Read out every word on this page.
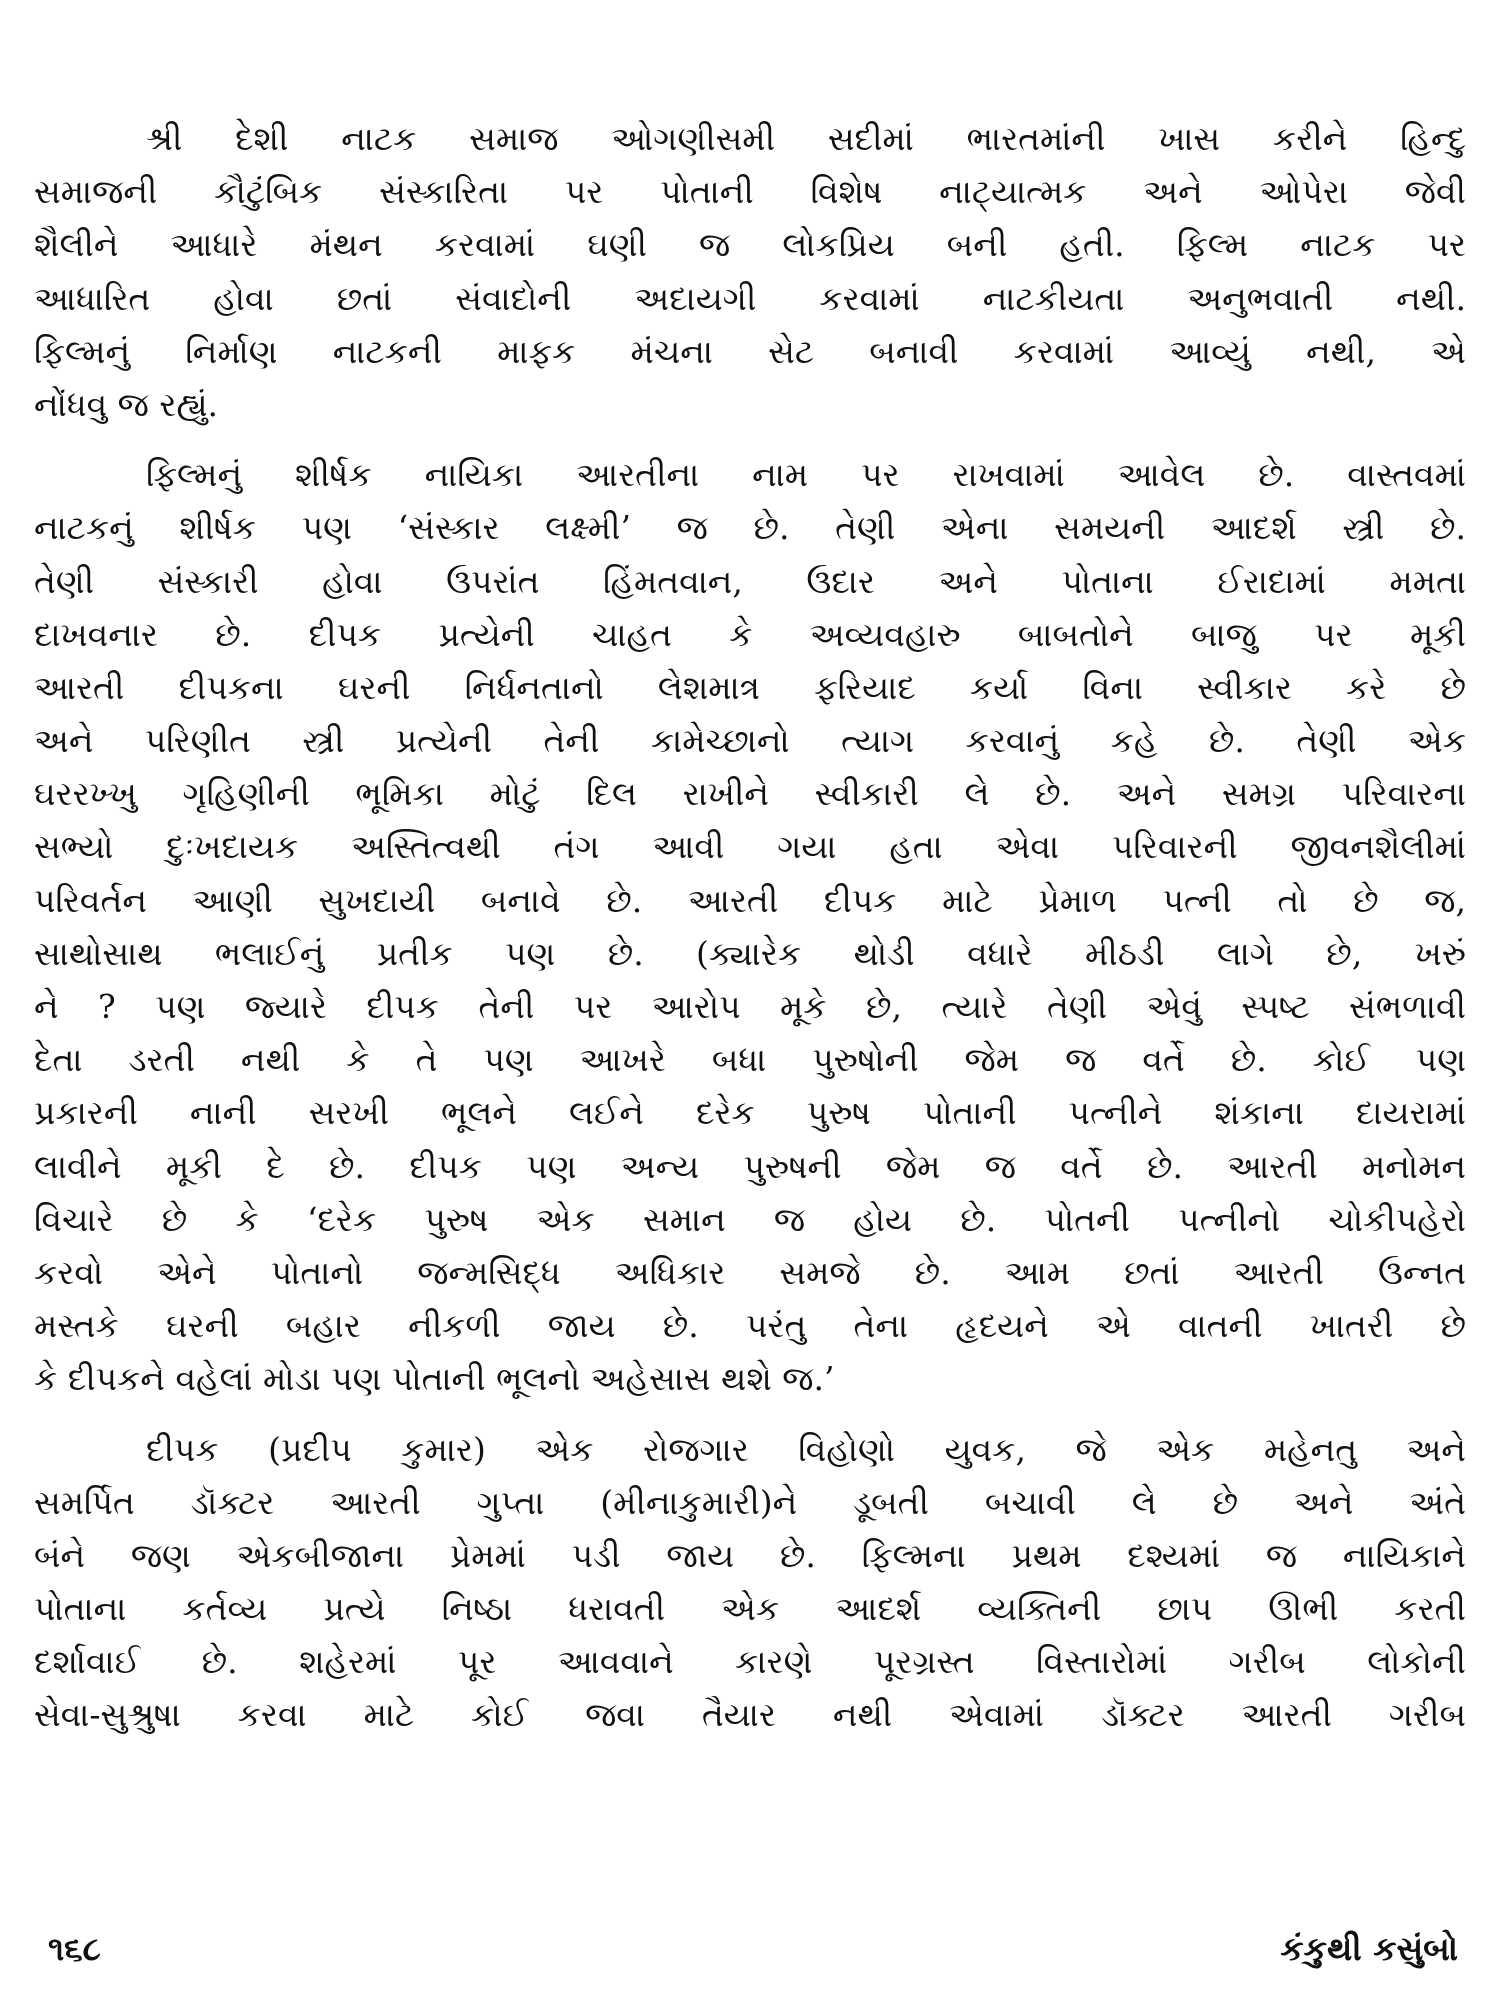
શ્રી દેશી નાટક સમાજ ઓગણીસમી સદીમાં ભારતમાંની ખાસ કરીને હિન્દુ
સમાજની કૌટુંબિક સંસ્કારિતા પર પોતાની વિશેષ નાટ્યાત્મક અને ઓપેરા જેવી
શૈલીને આધારે મંથન કરવામાં ઘણી જ લોકપ્રિય બની હતી. ફિલ્મ નાટક પર
આધારિત હોવા છતાં સંવાદોની અદાયગી કરવામાં નાટકીયતા અનુભવાતી નથી.
ફિલ્મનું નિર્માણ નાટકની માફક મંચના સેટ બનાવી કરવામાં આવ્યું નથી, એ
નોંધવુ જ રહ્યું.
ફિલ્મનું શીર્ષક નાયિકા આરતીના નામ પર રાખવામાં આવેલ છે. વાસ્તવમાં
નાટકનું શીર્ષક પણ ‘સંસ્કાર લક્ષ્મી’ જ છે. તેણી એના સમયની આદર્શ સ્ત્રી છે.
તેણી સંસ્કારી હોવા ઉપરાંત હિંમતવાન, ઉદાર અને પોતાના ઈરાદામાં મમતા
દાખવનાર છે. દીપક પ્રત્યેની ચાહત કે અવ્યવહારુ બાબતોને બાજુ પર મૂકી
આરતી દીપકના ઘરની નિર્ધનતાનો લેશમાત્ર ફરિયાદ કર્યા વિના સ્વીકાર કરે છે
અને પરિણીત સ્ત્રી પ્રત્યેની તેની કામેચ્છાનો ત્યાગ કરવાનું કહે છે. તેણી એક
ઘરરખ્ખુ ગૃહિણીની ભૂમિકા મોટું દિલ રાખીને સ્વીકારી લે છે. અને સમગ્ર પરિવારના
સભ્યો દુઃખદાયક અસ્તિત્વથી તંગ આવી ગયા હતા એવા પરિવારની જીવનશૈલીમાં
પરિવર્તન આણી સુખદાયી બનાવે છે. આરતી દીપક માટે પ્રેમાળ પત્ની તો છે જ,
સાથોસાથ ભલાઈનું પ્રતીક પણ છે. (ક્યારેક થોડી વધારે મીઠડી લાગે છે, ખરું
ને ? પણ જ્યારે દીપક તેની પર આરોપ મૂકે છે, ત્યારે તેણી એવું સ્પષ્ટ સંભળાવી
દેતા ડરતી નથી કે તે પણ આખરે બધા પુરુષોની જેમ જ વર્તે છે. કોઈ પણ
પ્રકારની નાની સરખી ભૂલને લઈને દરેક પુરુષ પોતાની પત્નીને શંકાના દાયરામાં
લાવીને મૂકી દે છે. દીપક પણ અન્ય પુરુષની જેમ જ વર્તે છે. આરતી મનોમન
વિચારે છે કે ‘દરેક પુરુષ એક સમાન જ હોય છે. પોતની પત્નીનો ચોકીપહેરો
કરવો એને પોતાનો જન્મસિદ્ધ અધિકાર સમજે છે. આમ છતાં આરતી ઉન્નત
મસ્તકે ઘરની બહાર નીકળી જાય છે. પરંતુ તેના હૃદયને એ વાતની ખાતરી છે
કે દીપકને વહેલાં મોડા પણ પોતાની ભૂલનો અહેસાસ થશે જ.’
દીપક (પ્રદીપ કુમાર) એક રોજગાર વિહોણો યુવક, જે એક મહેનતુ અને
સમર્પિત ડૉક્ટર આરતી ગુપ્તા (મીનાકુમારી)ને ડૂબતી બચાવી લે છે અને અંતે
બંને જણ એકબીજાના પ્રેમમાં પડી જાય છે. ફિલ્મના પ્રથમ દશ્યમાં જ નાયિકાને
પોતાના કર્તવ્ય પ્રત્યે નિષ્ઠા ધરાવતી એક આદર્શ વ્યક્તિની છાપ ઊભી કરતી
દર્શાવાઈ છે. શહેરમાં પૂર આવવાને કારણે પૂરગ્રસ્ત વિસ્તારોમાં ગરીબ લોકોની
સેવા-સુશ્રુષા કરવા માટે કોઈ જવા તૈયાર નથી એવામાં ડૉક્ટર આરતી ગરીબ
૧૬૮	કંકુથી કસુંબો
